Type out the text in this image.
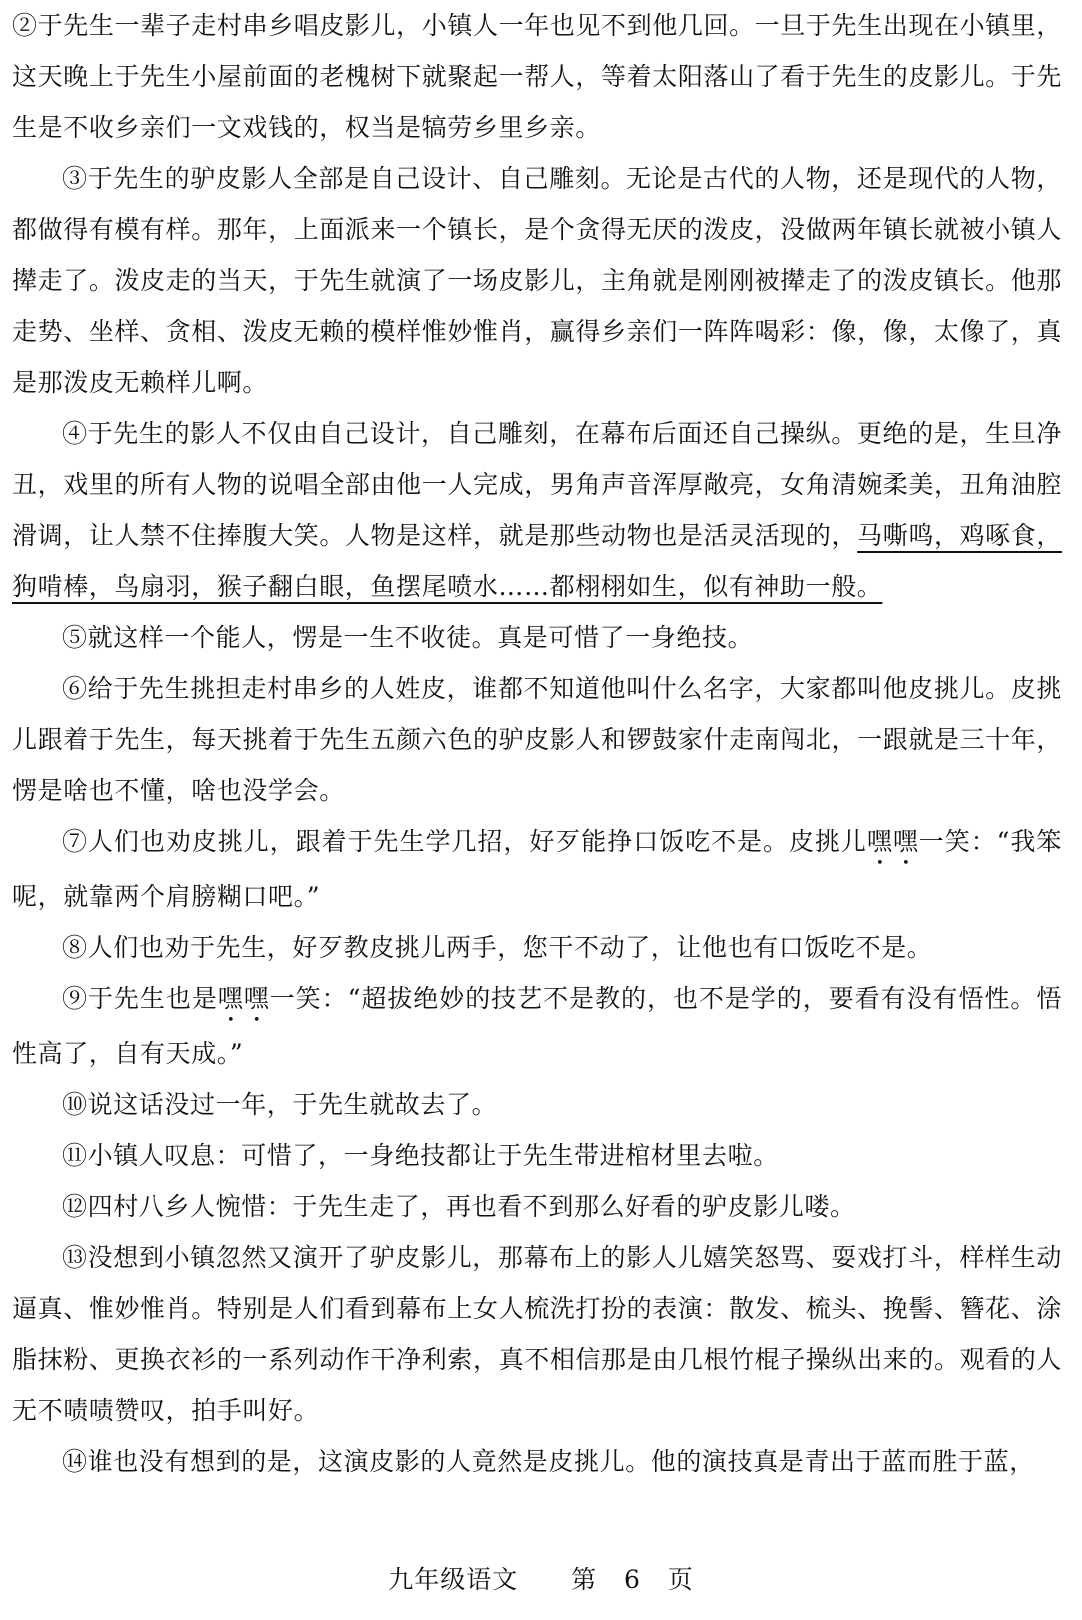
②于先生一辈子走村串乡唱皮影儿，小镇人一年也见不到他几回。一旦于先生出现在小镇里，这天晚上于先生小屋前面的老槐树下就聚起一帮人，等着太阳落山了看于先生的皮影儿。于先生是不收乡亲们一文戏钱的，权当是犒劳乡里乡亲。

③于先生的驴皮影人全部是自己设计、自己雕刻。无论是古代的人物，还是现代的人物，都做得有模有样。那年，上面派来一个镇长，是个贪得无厌的泼皮，没做两年镇长就被小镇人撵走了。泼皮走的当天，于先生就演了一场皮影儿，主角就是刚刚被撵走了的泼皮镇长。他那走势、坐样、贪相、泼皮无赖的模样惟妙惟肖，赢得乡亲们一阵阵喝彩：像，像，太像了，真是那泼皮无赖样儿啊。

④于先生的影人不仅由自己设计，自己雕刻，在幕布后面还自己操纵。更绝的是，生旦净丑，戏里的所有人物的说唱全部由他一人完成，男角声音浑厚敞亮，女角清婉柔美，丑角油腔滑调，让人禁不住捧腹大笑。人物是这样，就是那些动物也是活灵活现的，马嘶鸣，鸡啄食，狗啃棒，鸟扇羽，猴子翻白眼，鱼摆尾喷水……都栩栩如生，似有神助一般。

⑤就这样一个能人，愣是一生不收徒。真是可惜了一身绝技。

⑥给于先生挑担走村串乡的人姓皮，谁都不知道他叫什么名字，大家都叫他皮挑儿。皮挑儿跟着于先生，每天挑着于先生五颜六色的驴皮影人和锣鼓家什走南闯北，一跟就是三十年，愣是啥也不懂，啥也没学会。

⑦人们也劝皮挑儿，跟着于先生学几招，好歹能挣口饭吃不是。皮挑儿嘿嘿一笑：“我笨呢，就靠两个肩膀糊口吧。”

⑧人们也劝于先生，好歹教皮挑儿两手，您干不动了，让他也有口饭吃不是。

⑨于先生也是嘿嘿一笑：“超拔绝妙的技艺不是教的，也不是学的，要看有没有悟性。悟性高了，自有天成。”

⑩说这话没过一年，于先生就故去了。

⑪小镇人叹息：可惜了，一身绝技都让于先生带进棺材里去啦。

⑫四村八乡人惋惜：于先生走了，再也看不到那么好看的驴皮影儿喽。

⑬没想到小镇忽然又演开了驴皮影儿，那幕布上的影人儿嬉笑怒骂、耍戏打斗，样样生动逼真、惟妙惟肖。特别是人们看到幕布上女人梳洗打扮的表演：散发、梳头、挽髻、簪花、涂脂抹粉、更换衣衫的一系列动作干净利索，真不相信那是由几根竹棍子操纵出来的。观看的人无不啧啧赞叹，拍手叫好。

⑭谁也没有想到的是，这演皮影的人竟然是皮挑儿。他的演技真是青出于蓝而胜于蓝，

九年级语文 第 6 页
